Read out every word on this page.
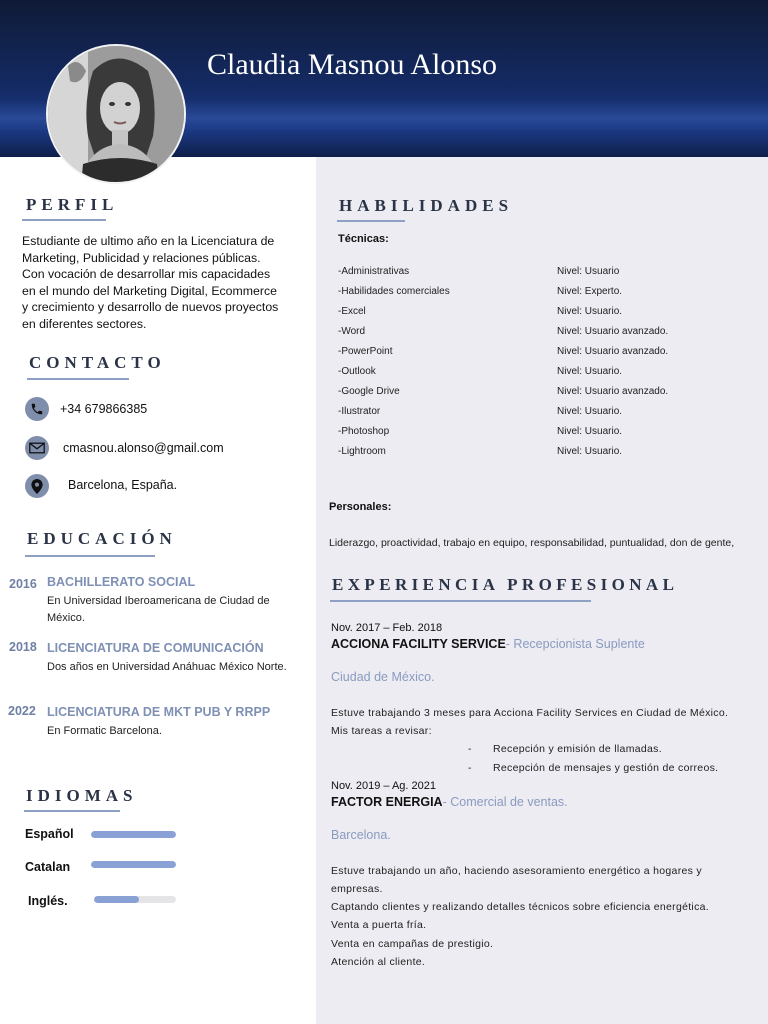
Claudia Masnou Alonso
PERFIL
Estudiante de ultimo año en la Licenciatura de
Marketing, Publicidad y relaciones públicas.
Con vocación de desarrollar mis capacidades
en el mundo del Marketing Digital, Ecommerce
y crecimiento y desarrollo de nuevos proyectos
en diferentes sectores.
CONTACTO
+34 679866385
cmasnou.alonso@gmail.com
Barcelona, España.
EDUCACIÓN
2016 BACHILLERATO SOCIAL
En Universidad Iberoamericana de Ciudad de
México.
2018 LICENCIATURA DE COMUNICACIÓN
Dos años en Universidad Anáhuac México Norte.
2022 LICENCIATURA DE MKT PUB Y RRPP
En Formatic Barcelona.
IDIOMAS
Español
Catalan
Inglés.
HABILIDADES
Técnicas:
-Administrativas	Nivel: Usuario
-Habilidades comerciales	Nivel: Experto.
-Excel	Nivel: Usuario.
-Word	Nivel: Usuario avanzado.
-PowerPoint	Nivel: Usuario avanzado.
-Outlook	Nivel: Usuario.
-Google Drive	Nivel: Usuario avanzado.
-Ilustrator	Nivel: Usuario.
-Photoshop	Nivel: Usuario.
-Lightroom	Nivel: Usuario.
Personales:
Liderazgo, proactividad, trabajo en equipo, responsabilidad, puntualidad, don de gente,
EXPERIENCIA PROFESIONAL
Nov. 2017 – Feb. 2018
ACCIONA FACILITY SERVICE- Recepcionista Suplente
Ciudad de México.
Estuve trabajando 3 meses para Acciona Facility Services en Ciudad de México.
Mis tareas a revisar:
- Recepción y emisión de llamadas.
- Recepción de mensajes y gestión de correos.
Nov. 2019 – Ag. 2021
FACTOR ENERGIA- Comercial de ventas.
Barcelona.
Estuve trabajando un año, haciendo asesoramiento energético a hogares y
empresas.
Captando clientes y realizando detalles técnicos sobre eficiencia energética.
Venta a puerta fría.
Venta en campañas de prestigio.
Atención al cliente.
